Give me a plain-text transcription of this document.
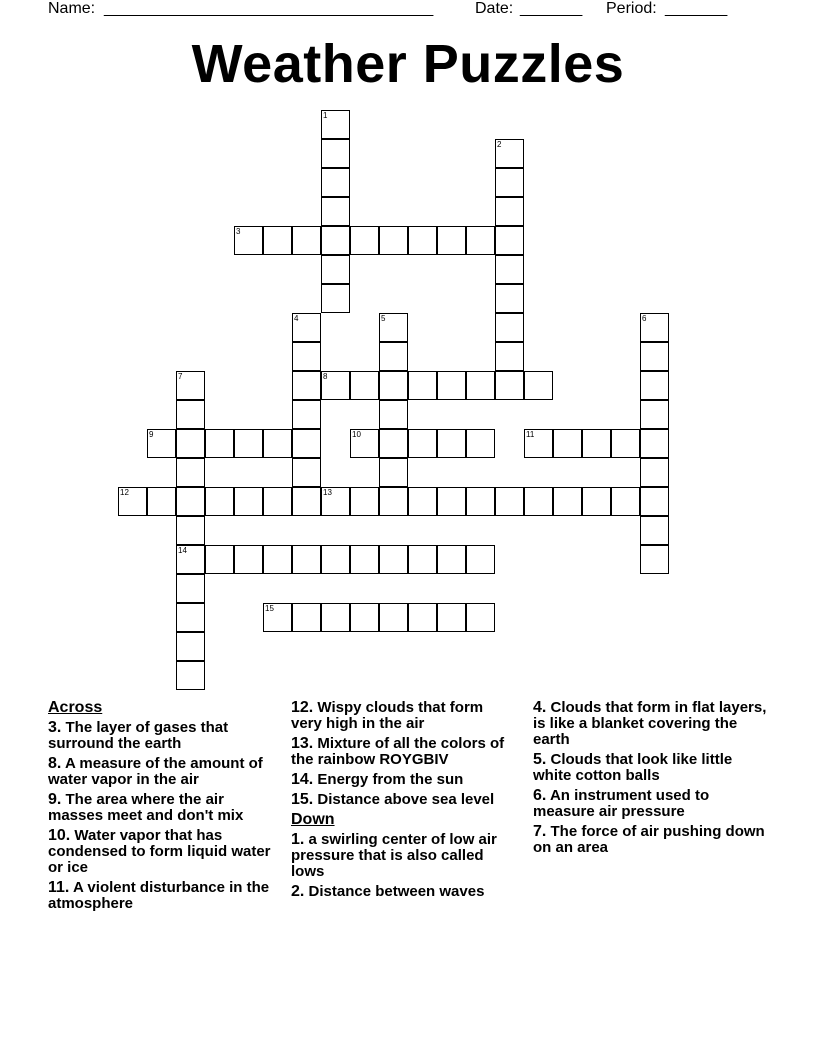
Name: _____________________________________	Date: _______ Period: _______
Weather Puzzles
1
2
3
4	5	6
7
14
8
9	10	11
12	13
15
Across
3. The layer of gases that surround the earth
8. A measure of the amount of water vapor in the air
9. The area where the air masses meet and don't mix
10. Water vapor that has condensed to form liquid water or ice
11. A violent disturbance in the atmosphere
12. Wispy clouds that form very high in the air
13. Mixture of all the colors of the rainbow ROYGBIV
14. Energy from the sun
15. Distance above sea level
Down
1. a swirling center of low air pressure that is also called lows
2. Distance between waves
4. Clouds that form in flat layers, is like a blanket covering the earth
5. Clouds that look like little white cotton balls
6. An instrument used to measure air pressure
7. The force of air pushing down on an area
